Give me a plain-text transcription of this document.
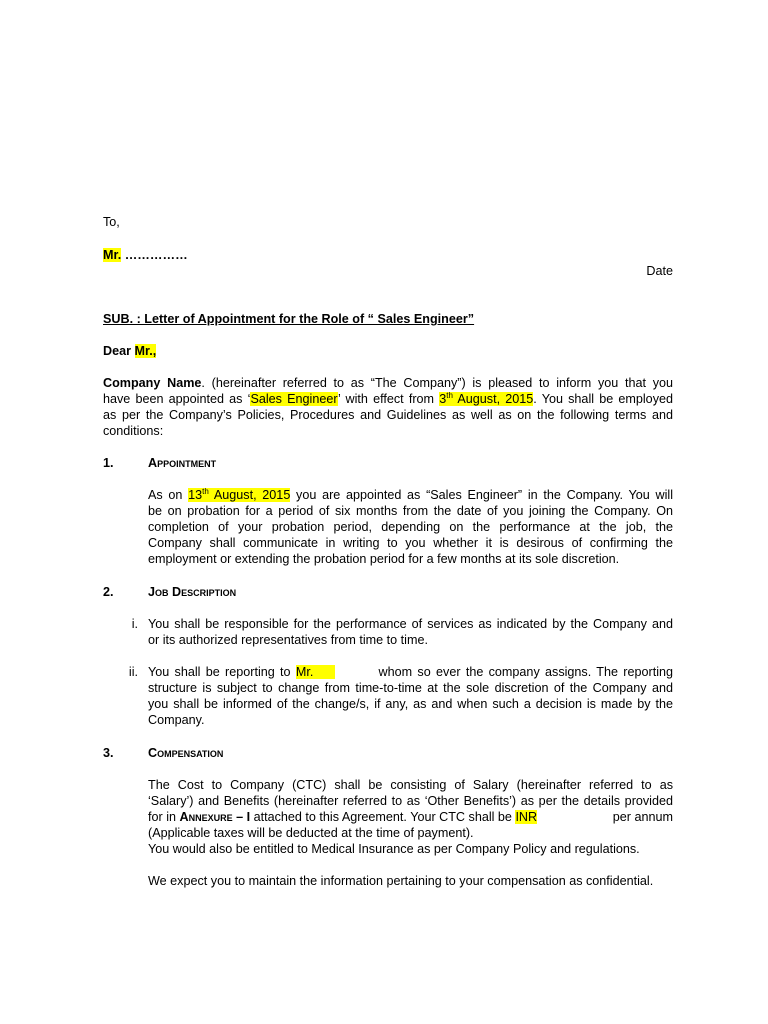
To,
Mr. ……………
Date
SUB. : Letter of Appointment for the Role of “ Sales Engineer”
Dear Mr.,
Company Name. (hereinafter referred to as “The Company”) is pleased to inform you that you
have been appointed as ‘Sales Engineer’ with effect from 3th August, 2015. You shall be employed
as per the Company’s Policies, Procedures and Guidelines as well as on the following terms and
conditions:
1.	Appointment
As on 13th August, 2015 you are appointed as “Sales Engineer” in the Company. You will
be on probation for a period of six months from the date of you joining the Company. On
completion of your probation period, depending on the performance at the job, the
Company shall communicate in writing to you whether it is desirous of confirming the
employment or extending the probation period for a few months at its sole discretion.
2.	Job Description
i. You shall be responsible for the performance of services as indicated by the Company and
or its authorized representatives from time to time.
ii. You shall be reporting to Mr.	whom so ever the company assigns. The reporting
structure is subject to change from time-to-time at the sole discretion of the Company and
you shall be informed of the change/s, if any, as and when such a decision is made by the
Company.
3.	Compensation
The Cost to Company (CTC) shall be consisting of Salary (hereinafter referred to as
‘Salary’) and Benefits (hereinafter referred to as ‘Other Benefits’) as per the details provided
for in Annexure – I attached to this Agreement. Your CTC shall be INR	per annum
(Applicable taxes will be deducted at the time of payment).
You would also be entitled to Medical Insurance as per Company Policy and regulations.
We expect you to maintain the information pertaining to your compensation as confidential.
